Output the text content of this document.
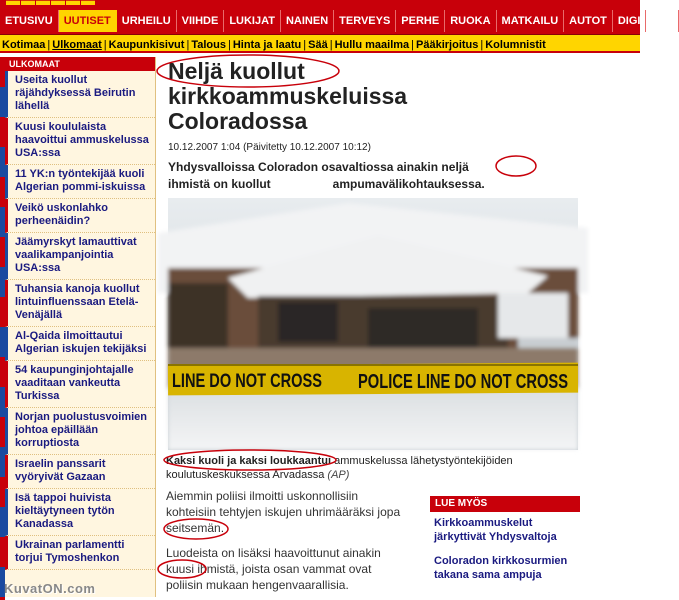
▬▬▬▬▬▬
ETUSIVU UUTISET URHEILU VIIHDE LUKIJAT NAINEN TERVEYS PERHE RUOKA MATKAILU AUTOT DIGI PEL
Kotimaa | Ulkomaat | Kaupunkisivut | Talous | Hinta ja laatu | Sää | Hullu maailma | Pääkirjoitus | Kolumnistit
ULKOMAAT
Useita kuollut räjähdyksessä Beirutin lähellä
Kuusi koululaista haavoittui ammuskelussa USA:ssa
11 YK:n työntekijää kuoli Algerian pommi-iskuissa
Veikö uskonlahko perheenäidin?
Jäämyrskyt lamauttivat vaalikampanjointia USA:ssa
Tuhansia kanoja kuollut lintuinfluenssaan Etelä-Venäjällä
Al-Qaida ilmoittautui Algerian iskujen tekijäksi
54 kaupunginjohtajalle vaaditaan vankeutta Turkissa
Norjan puolustusvoimien johtoa epäillään korruptiosta
Israelin panssarit vyöryivät Gazaan
Isä tappoi huivista kieltäytyneen tytön Kanadassa
Ukrainan parlamentti torjui Tymoshenkon
Neljä kuollut
kirkkoammuskeluissa
Coloradossa
10.12.2007 1:04 (Päivitetty 10.12.2007 10:12)
Yhdysvalloissa Coloradon osavaltiossa ainakin neljä
ihmistä on kuollut	ampumavälikohtauksessa.
LINE DO NOT CROSS POLICE LINE DO NOT CROSS
Kaksi kuoli ja kaksi loukkaantui ammuskelussa lähetystyöntekijöiden koulutuskeskuksessa Arvadassa (AP)
Aiemmin poliisi ilmoitti uskonnollisiin
kohteisiin tehtyjen iskujen uhrimääräksi jopa
seitsemän.
Luodeista on lisäksi haavoittunut ainakin
kuusi ihmistä, joista osan vammat ovat
poliisin mukaan hengenvaarallisia.
LUE MYÖS
Kirkkoammuskelut järkyttivät Yhdysvaltoja
Coloradon kirkkosurmien takana sama ampuja
KuvatON.com
